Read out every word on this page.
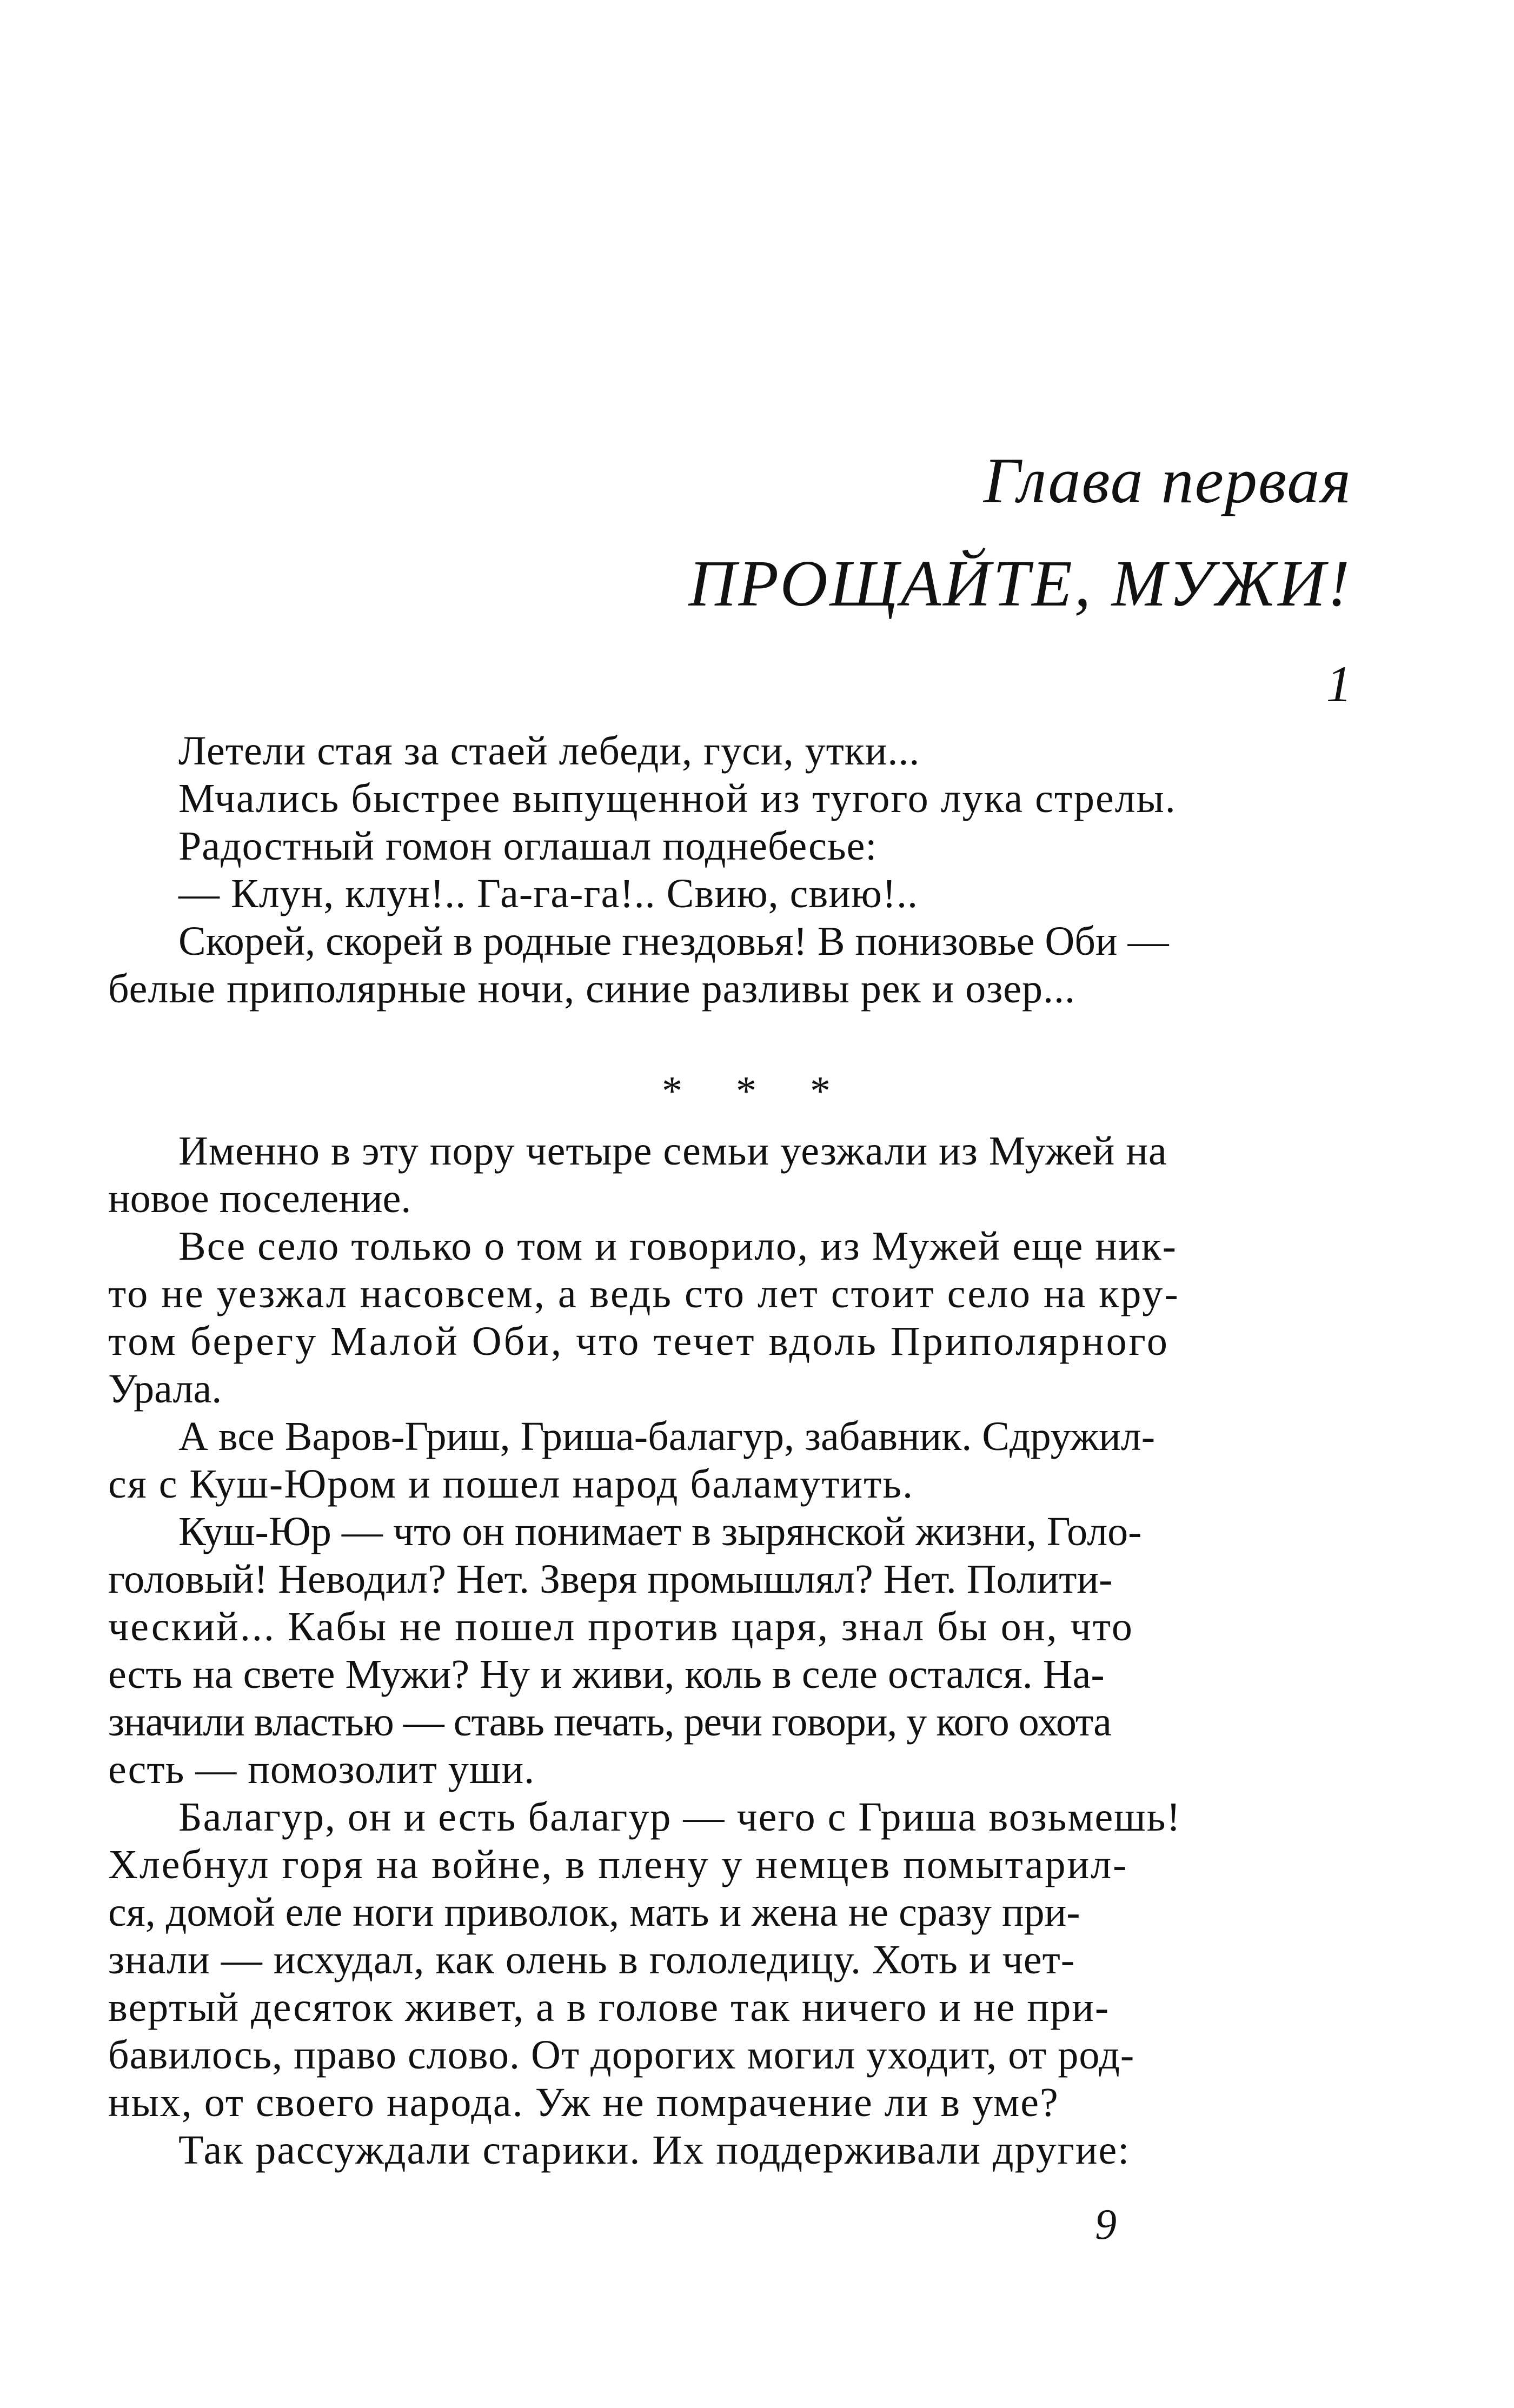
Глава первая
ПРОЩАЙТЕ, МУЖИ!
1
Летели стая за стаей лебеди, гуси, утки...
Мчались быстрее выпущенной из тугого лука стрелы.
Радостный гомон оглашал поднебесье:
— Клун, клун!.. Га-га-га!.. Свию, свию!..
Скорей, скорей в родные гнездовья! В понизовье Оби —
белые приполярные ночи, синие разливы рек и озер...
* * *
Именно в эту пору четыре семьи уезжали из Мужей на
новое поселение.
Все село только о том и говорило, из Мужей еще ник-
то не уезжал насовсем, а ведь сто лет стоит село на кру-
том берегу Малой Оби, что течет вдоль Приполярного
Урала.
А все Варов-Гриш, Гриша-балагур, забавник. Сдружил-
ся с Куш-Юром и пошел народ баламутить.
Куш-Юр — что он понимает в зырянской жизни, Голо-
головый! Неводил? Нет. Зверя промышлял? Нет. Полити-
ческий... Кабы не пошел против царя, знал бы он, что
есть на свете Мужи? Ну и живи, коль в селе остался. На-
значили властью — ставь печать, речи говори, у кого охота
есть — помозолит уши.
Балагур, он и есть балагур — чего с Гриша возьмешь!
Хлебнул горя на войне, в плену у немцев помытарил-
ся, домой еле ноги приволок, мать и жена не сразу при-
знали — исхудал, как олень в гололедицу. Хоть и чет-
вертый десяток живет, а в голове так ничего и не при-
бавилось, право слово. От дорогих могил уходит, от род-
ных, от своего народа. Уж не помрачение ли в уме?
Так рассуждали старики. Их поддерживали другие:
9
